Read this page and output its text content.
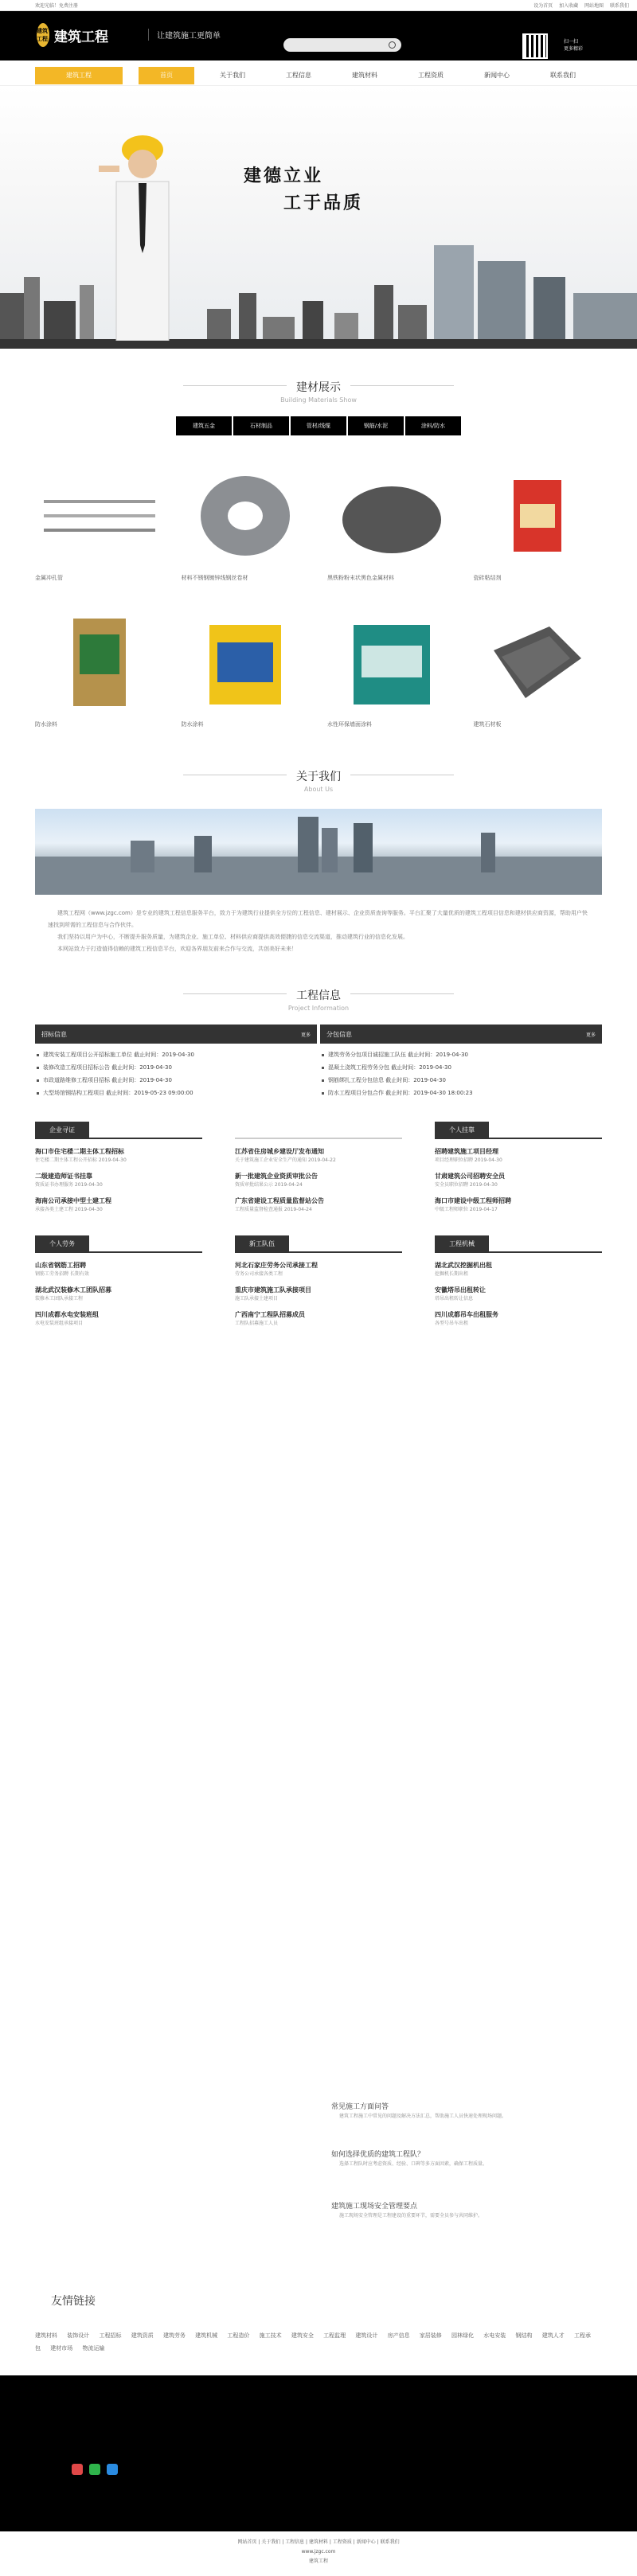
欢迎光临！免费注册	设为首页 加入收藏 网站地图 联系我们
建筑工程 建筑工程	让建筑施工更简单
扫一扫
更多精彩
建筑工程	首页	关于我们	工程信息	建筑材料	工程资质	新闻中心	联系我们
建德立业
工于品质
建材展示
Building Materials Show
建筑五金	石材制品	管材/线缆	钢筋/水泥	涂料/防水
金属冲孔管	材料不锈钢镀锌线钢丝卷材	黑铁粉粉末状黑色金属材料	瓷砖粘结剂
防水涂料	防水涂料	水性环保墙面涂料	建筑石材板
关于我们
About Us

建筑工程网（www.jzgc.com）是专业的建筑工程信息服务平台，致力于为建筑行业提供全方位的工程信息、建材展示、企业资质查询等服务。平台汇聚了大量优质的建筑工程项目信息和建材供应商资源，帮助用户快速找到所需的工程信息与合作伙伴。

我们坚持以用户为中心，不断提升服务质量，为建筑企业、施工单位、材料供应商提供高效便捷的信息交流渠道，推动建筑行业的信息化发展。

本网站致力于打造值得信赖的建筑工程信息平台，欢迎各界朋友前来合作与交流，共创美好未来！

工程信息
Project Information
招标信息	更多
建筑安装工程项目公开招标施工单位 截止时间：2019-04-30
装修改造工程项目招标公告 截止时间：2019-04-30
市政道路维修工程项目招标 截止时间：2019-04-30
大型场馆钢结构工程项目 截止时间：2019-05-23 09:00:00
分包信息	更多
建筑劳务分包项目诚招施工队伍 截止时间：2019-04-30
混凝土浇筑工程劳务分包 截止时间：2019-04-30
钢筋绑扎工程分包信息 截止时间：2019-04-30
防水工程项目分包合作 截止时间：2019-04-30 18:00:23
企业寻证
海口市住宅楼二期主体工程招标
住宅楼二期主体工程公开招标 2019-04-30
二级建造师证书挂靠
资质证书办理服务 2019-04-30
海南公司承接中型土建工程
承接各类土建工程 2019-04-30
江苏省住房城乡建设厅发布通知
关于建筑施工企业安全生产的通知 2019-04-22
新一批建筑企业资质审批公告
资质审批结果公示 2019-04-24
广东省建设工程质量监督站公告
工程质量监督检查通报 2019-04-24
个人挂靠
招聘建筑施工项目经理
项目经理职位招聘 2019-04-30
甘肃建筑公司招聘安全员
安全员职位招聘 2019-04-30
海口市建设中级工程师招聘
中级工程师职位 2019-04-17
个人劳务
山东省钢筋工招聘
钢筋工劳务招聘 长期有效
湖北武汉装修木工团队招募
装修木工团队承接工程
四川成都水电安装班组
水电安装班组承接项目
新工队伍
河北石家庄劳务公司承接工程
劳务公司承接各类工程
重庆市建筑施工队承接项目
施工队承接土建项目
广西南宁工程队招募成员
工程队招募施工人员
工程机械
湖北武汉挖掘机出租
挖掘机长期出租
安徽塔吊出租转让
塔吊出租转让信息
四川成都吊车出租服务
各型号吊车出租
常见施工方面问答
建筑工程施工中常见的问题及解决方法汇总，帮助施工人员快速处理现场问题。
如何选择优质的建筑工程队？
选择工程队时应考虑资质、经验、口碑等多方面因素，确保工程质量。
建筑施工现场安全管理要点
施工现场安全管理是工程建设的重要环节，需要全员参与共同维护。
友情链接
建筑材料 装饰设计 工程招标 建筑资质 建筑劳务 建筑机械 工程造价 施工技术 建筑安全 工程监理 建筑设计 房产信息 家居装修 园林绿化 水电安装 钢结构 建筑人才 工程承包 建材市场 物流运输
网站首页 | 关于我们 | 工程信息 | 建筑材料 | 工程资质 | 新闻中心 | 联系我们
www.jzgc.com
建筑工程
